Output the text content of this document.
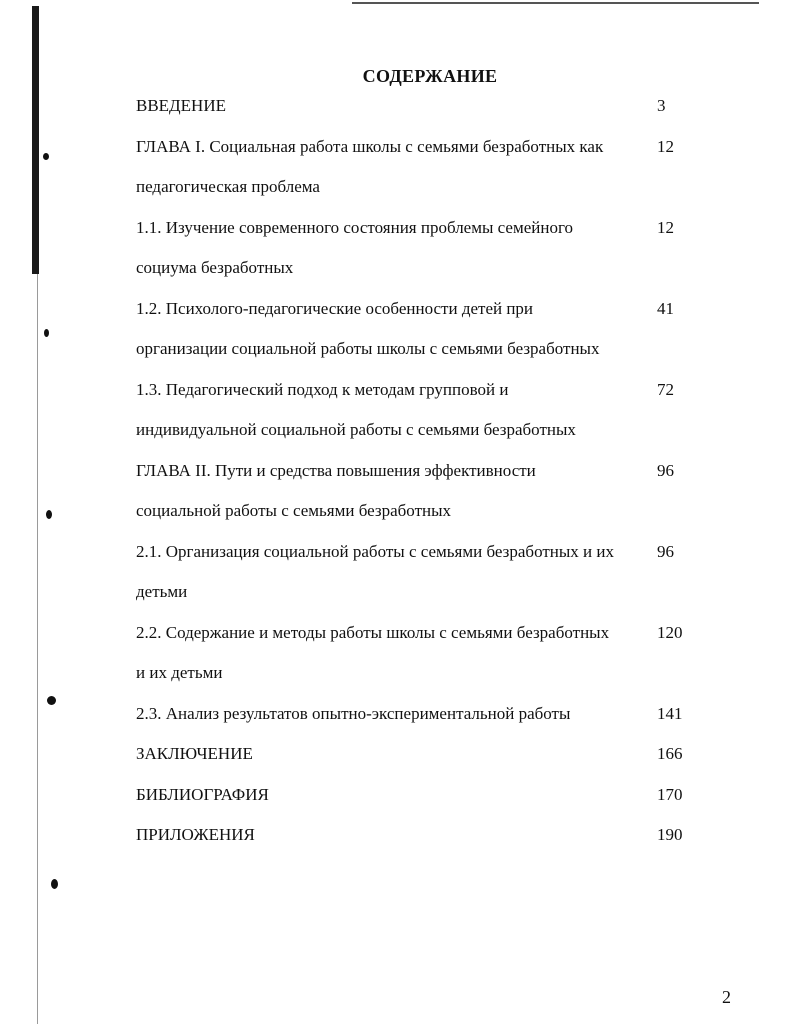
СОДЕРЖАНИЕ
ВВЕДЕНИЕ	3
ГЛАВА I. Социальная работа школы с семьями безработных как	12
педагогическая проблема
1.1. Изучение современного состояния проблемы семейного	12
социума безработных
1.2. Психолого-педагогические особенности детей при	41
организации социальной работы школы с семьями безработных
1.3. Педагогический подход к методам групповой и	72
индивидуальной социальной работы с семьями безработных
ГЛАВА II. Пути и средства повышения эффективности	96
социальной работы с семьями безработных
2.1. Организация социальной работы с семьями безработных и их	96
детьми
2.2. Содержание и методы работы школы с семьями безработных	120
и их детьми
2.3. Анализ результатов опытно-экспериментальной работы	141
ЗАКЛЮЧЕНИЕ	166
БИБЛИОГРАФИЯ	170
ПРИЛОЖЕНИЯ	190
2
